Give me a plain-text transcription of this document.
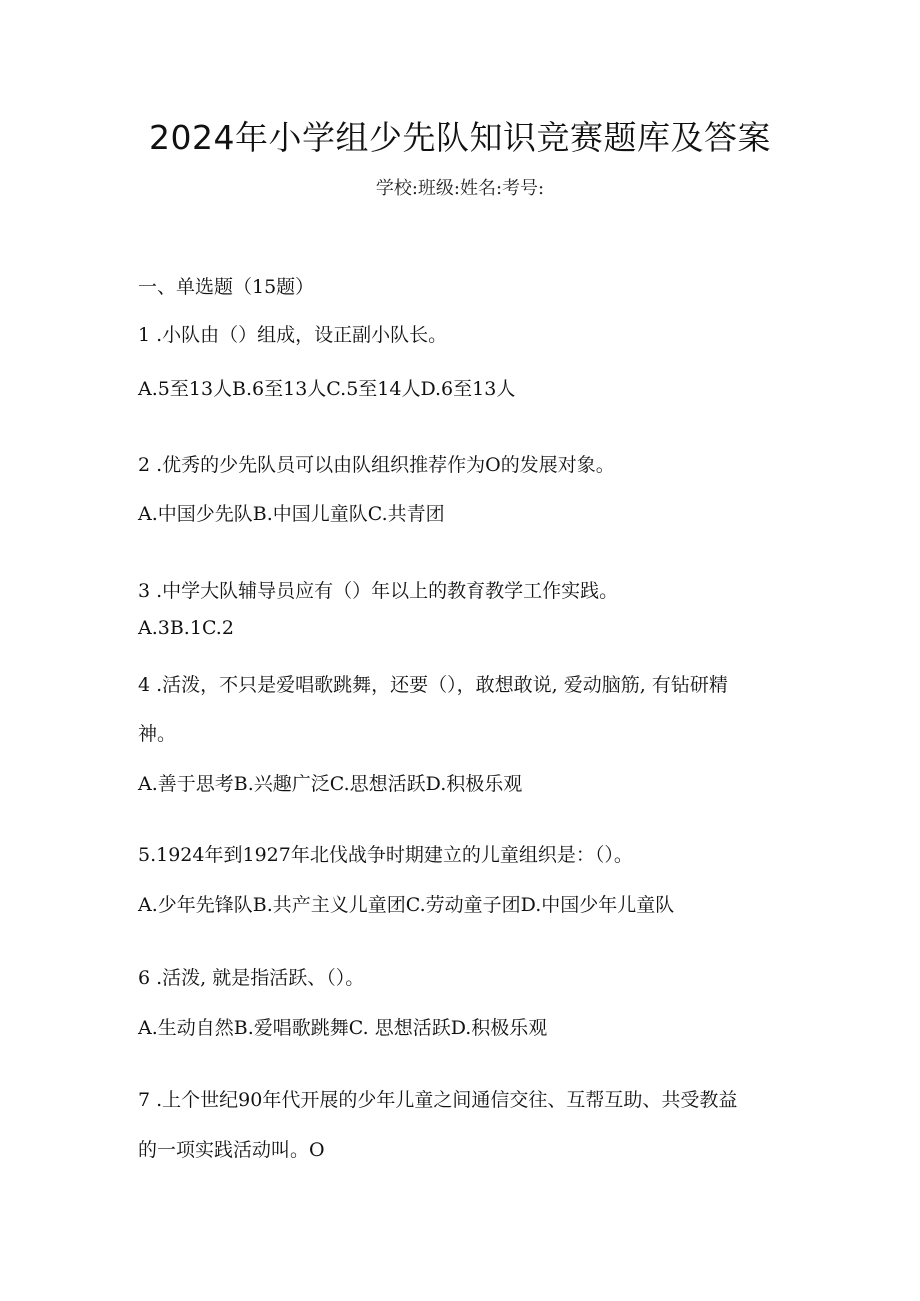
2024年小学组少先队知识竞赛题库及答案
学校:班级:姓名:考号:
一、单选题（15题）
1 .小队由（）组成，设正副小队长。
A.5至13人B.6至13人C.5至14人D.6至13人
2 .优秀的少先队员可以由队组织推荐作为O的发展对象。
A.中国少先队B.中国儿童队C.共青团
3 .中学大队辅导员应有（）年以上的教育教学工作实践。
A.3B.1C.2
4 .活泼，不只是爱唱歌跳舞，还要（），敢想敢说, 爱动脑筋, 有钻研精
神。
A.善于思考B.兴趣广泛C.思想活跃D.积极乐观
5.1924年到1927年北伐战争时期建立的儿童组织是：（）。
A.少年先锋队B.共产主义儿童团C.劳动童子团D.中国少年儿童队
6 .活泼, 就是指活跃、（）。
A.生动自然B.爱唱歌跳舞C. 思想活跃D.积极乐观
7 .上个世纪90年代开展的少年儿童之间通信交往、互帮互助、共受教益
的一项实践活动叫。O
